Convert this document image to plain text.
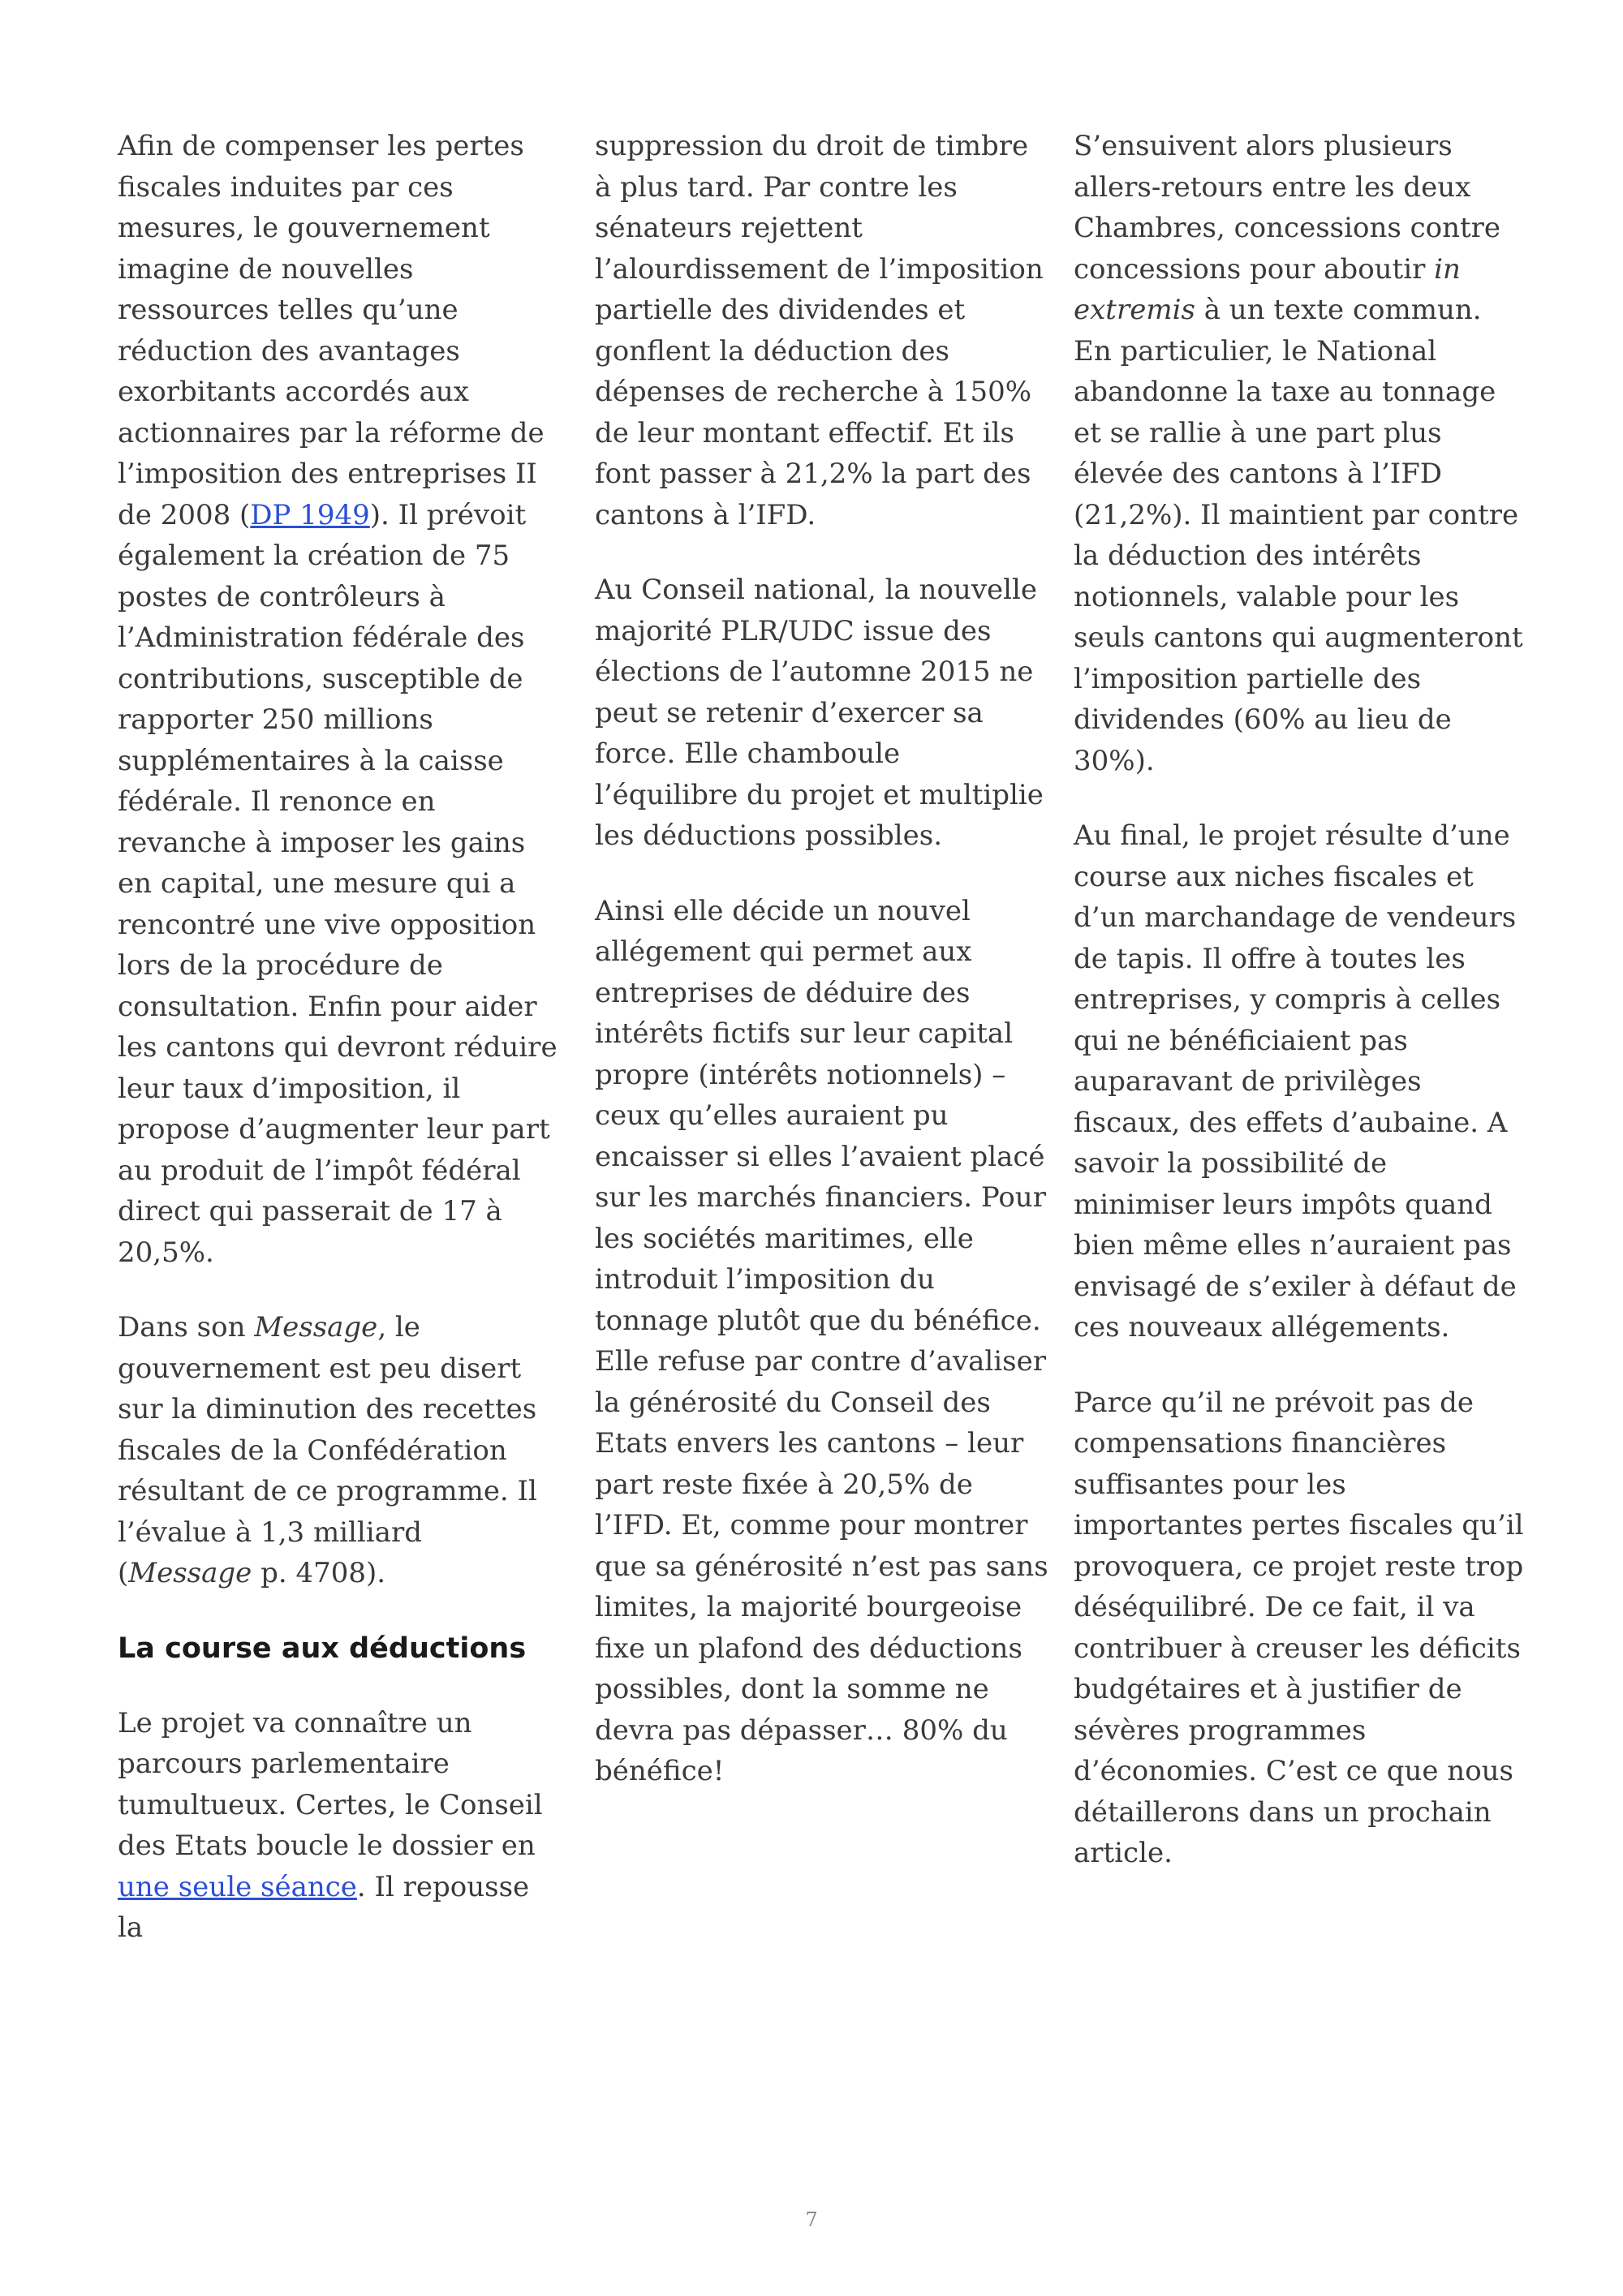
Afin de compenser les pertes fiscales induites par ces mesures, le gouvernement imagine de nouvelles ressources telles qu’une réduction des avantages exorbitants accordés aux actionnaires par la réforme de l’imposition des entreprises II de 2008 (DP 1949). Il prévoit également la création de 75 postes de contrôleurs à l’Administration fédérale des contributions, susceptible de rapporter 250 millions supplémentaires à la caisse fédérale. Il renonce en revanche à imposer les gains en capital, une mesure qui a rencontré une vive opposition lors de la procédure de consultation. Enfin pour aider les cantons qui devront réduire leur taux d’imposition, il propose d’augmenter leur part au produit de l’impôt fédéral direct qui passerait de 17 à 20,5%.

Dans son Message, le gouvernement est peu disert sur la diminution des recettes fiscales de la Confédération résultant de ce programme. Il l’évalue à 1,3 milliard (Message p. 4708).

La course aux déductions

Le projet va connaître un parcours parlementaire tumultueux. Certes, le Conseil des Etats boucle le dossier en une seule séance. Il repousse la

suppression du droit de timbre à plus tard. Par contre les sénateurs rejettent l’alourdissement de l’imposition partielle des dividendes et gonflent la déduction des dépenses de recherche à 150% de leur montant effectif. Et ils font passer à 21,2% la part des cantons à l’IFD.

Au Conseil national, la nouvelle majorité PLR/UDC issue des élections de l’automne 2015 ne peut se retenir d’exercer sa force. Elle chamboule l’équilibre du projet et multiplie les déductions possibles.

Ainsi elle décide un nouvel allégement qui permet aux entreprises de déduire des intérêts fictifs sur leur capital propre (intérêts notionnels) – ceux qu’elles auraient pu encaisser si elles l’avaient placé sur les marchés financiers. Pour les sociétés maritimes, elle introduit l’imposition du tonnage plutôt que du bénéfice. Elle refuse par contre d’avaliser la générosité du Conseil des Etats envers les cantons – leur part reste fixée à 20,5% de l’IFD. Et, comme pour montrer que sa générosité n’est pas sans limites, la majorité bourgeoise fixe un plafond des déductions possibles, dont la somme ne devra pas dépasser… 80% du bénéfice!

S’ensuivent alors plusieurs allers-retours entre les deux Chambres, concessions contre concessions pour aboutir in extremis à un texte commun. En particulier, le National abandonne la taxe au tonnage et se rallie à une part plus élevée des cantons à l’IFD (21,2%). Il maintient par contre la déduction des intérêts notionnels, valable pour les seuls cantons qui augmenteront l’imposition partielle des dividendes (60% au lieu de 30%).

Au final, le projet résulte d’une course aux niches fiscales et d’un marchandage de vendeurs de tapis. Il offre à toutes les entreprises, y compris à celles qui ne bénéficiaient pas auparavant de privilèges fiscaux, des effets d’aubaine. A savoir la possibilité de minimiser leurs impôts quand bien même elles n’auraient pas envisagé de s’exiler à défaut de ces nouveaux allégements.

Parce qu’il ne prévoit pas de compensations financières suffisantes pour les importantes pertes fiscales qu’il provoquera, ce projet reste trop déséquilibré. De ce fait, il va contribuer à creuser les déficits budgétaires et à justifier de sévères programmes d’économies. C’est ce que nous détaillerons dans un prochain article.

7
